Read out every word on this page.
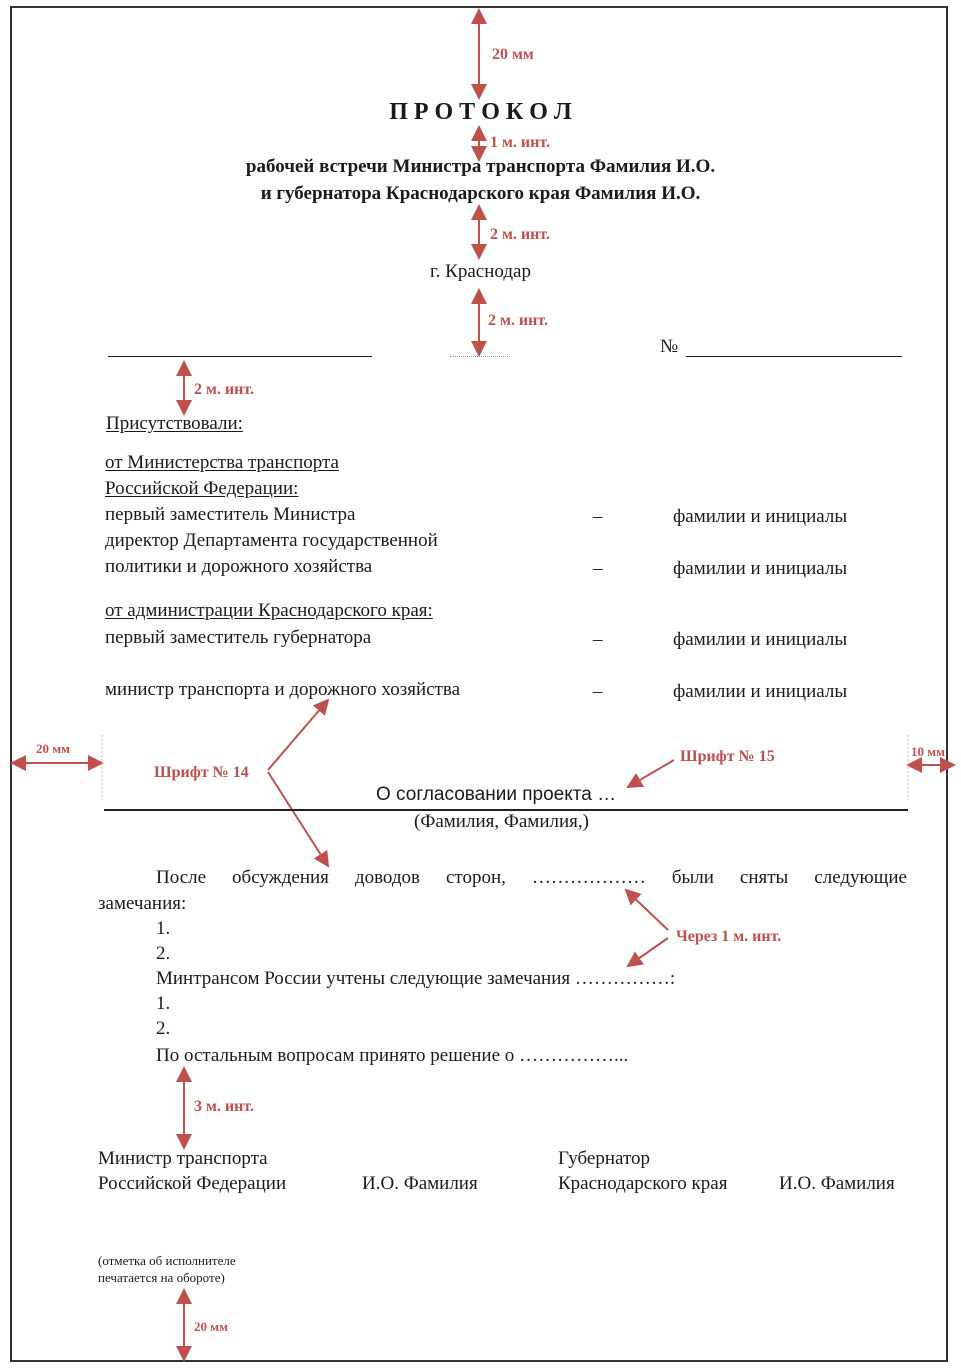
20 мм
1 м. инт.
2 м. инт.
2 м. инт.
2 м. инт.
20 мм	10 мм
Шрифт № 14
Шрифт № 15
Через 1 м. инт.
3 м. инт.
20 мм
П Р О Т О К О Л
рабочей встречи Министра транспорта Фамилия И.О.
и губернатора Краснодарского края Фамилия И.О.
г. Краснодар
№
Присутствовали:
от Министерства транспорта
Российской Федерации:
первый заместитель Министра	–	фамилии и инициалы
директор Департамента государственной
политики и дорожного хозяйства	–	фамилии и инициалы
от администрации Краснодарского края:
первый заместитель губернатора	–	фамилии и инициалы
министр транспорта и дорожного хозяйства	–	фамилии и инициалы
О согласовании проекта …
(Фамилия, Фамилия,)
После обсуждения доводов сторон, ……………… были сняты следующие
замечания:
1.
2.
Минтрансом России учтены следующие замечания ……………:
1.
2.
По остальным вопросам принято решение о ……………...
Министр транспорта
Российской Федерации	И.О. Фамилия
Губернатор
Краснодарского края	И.О. Фамилия
(отметка об исполнителе
печатается на обороте)
